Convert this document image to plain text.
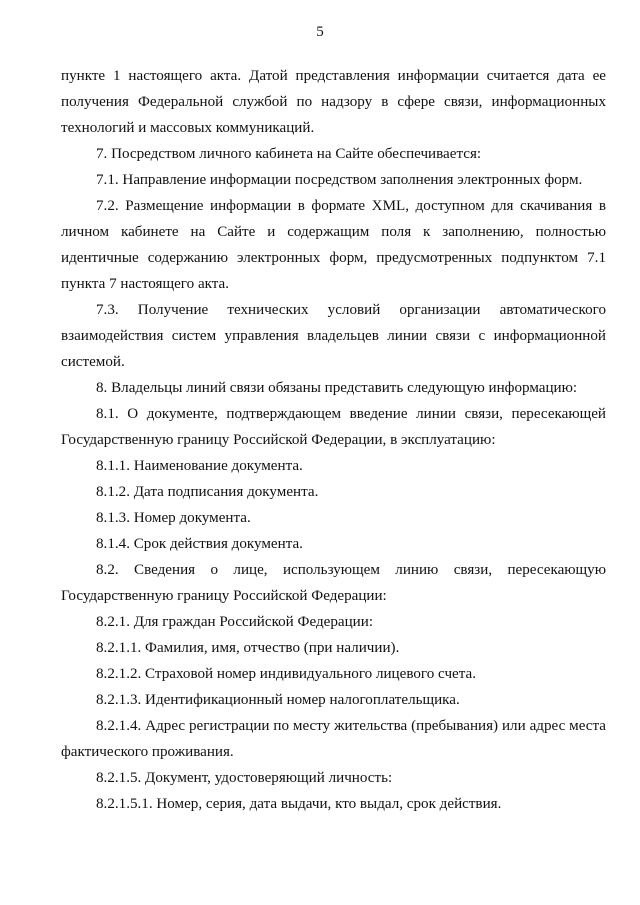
5

пункте 1 настоящего акта. Датой представления информации считается дата ее получения Федеральной службой по надзору в сфере связи, информационных технологий и массовых коммуникаций.

7. Посредством личного кабинета на Сайте обеспечивается:

7.1. Направление информации посредством заполнения электронных форм.

7.2. Размещение информации в формате XML, доступном для скачивания в личном кабинете на Сайте и содержащим поля к заполнению, полностью идентичные содержанию электронных форм, предусмотренных подпунктом 7.1 пункта 7 настоящего акта.

7.3. Получение технических условий организации автоматического взаимодействия систем управления владельцев линии связи с информационной системой.

8. Владельцы линий связи обязаны представить следующую информацию:

8.1. О документе, подтверждающем введение линии связи, пересекающей Государственную границу Российской Федерации, в эксплуатацию:

8.1.1. Наименование документа.

8.1.2. Дата подписания документа.

8.1.3. Номер документа.

8.1.4. Срок действия документа.

8.2. Сведения о лице, использующем линию связи, пересекающую Государственную границу Российской Федерации:

8.2.1. Для граждан Российской Федерации:

8.2.1.1. Фамилия, имя, отчество (при наличии).

8.2.1.2. Страховой номер индивидуального лицевого счета.

8.2.1.3. Идентификационный номер налогоплательщика.

8.2.1.4. Адрес регистрации по месту жительства (пребывания) или адрес места фактического проживания.

8.2.1.5. Документ, удостоверяющий личность:

8.2.1.5.1. Номер, серия, дата выдачи, кто выдал, срок действия.
